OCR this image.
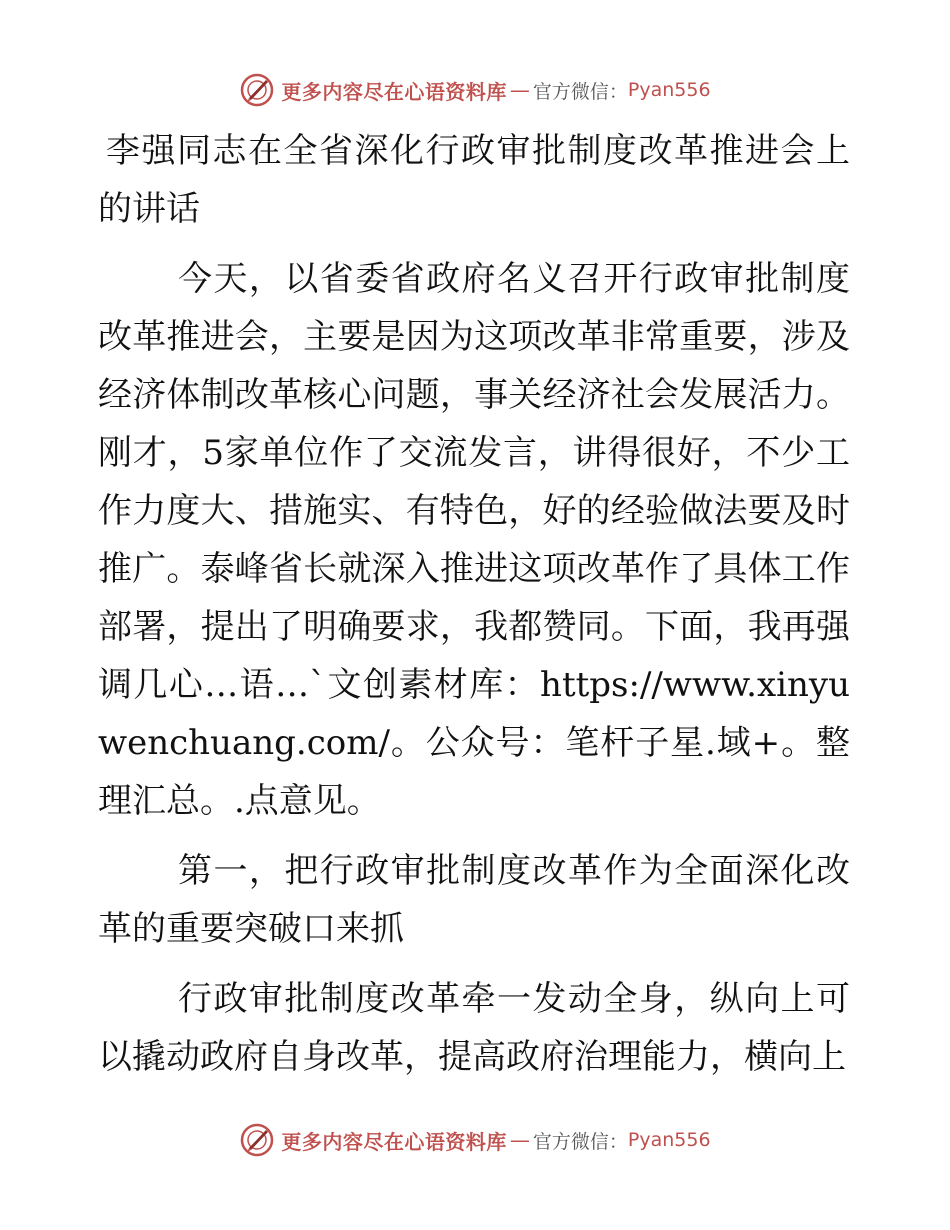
更多内容尽在心语资料库 — 官方微信： Pyan556

李强同志在全省深化行政审批制度改革推进会上的讲话

今天，以省委省政府名义召开行政审批制度改革推进会，主要是因为这项改革非常重要，涉及经济体制改革核心问题，事关经济社会发展活力。刚才，5家单位作了交流发言，讲得很好，不少工作力度大、措施实、有特色，好的经验做法要及时推广。泰峰省长就深入推进这项改革作了具体工作部署，提出了明确要求，我都赞同。下面，我再强调几心…语…`文创素材库：https://www.xinyuwenchuang.com/。公众号：笔杆子星.域+。整理汇总。.点意见。

第一，把行政审批制度改革作为全面深化改革的重要突破口来抓

行政审批制度改革牵一发动全身，纵向上可以撬动政府自身改革，提高政府治理能力，横向上

更多内容尽在心语资料库 — 官方微信： Pyan556
